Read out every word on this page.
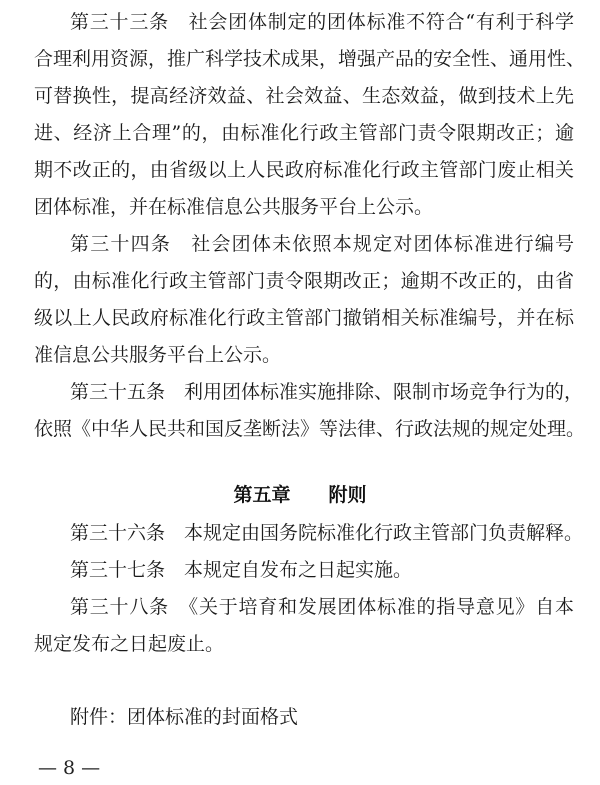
第三十三条　社会团体制定的团体标准不符合“有利于科学
合理利用资源，推广科学技术成果，增强产品的安全性、通用性、
可替换性，提高经济效益、社会效益、生态效益，做到技术上先
进、经济上合理”的，由标准化行政主管部门责令限期改正；逾
期不改正的，由省级以上人民政府标准化行政主管部门废止相关
团体标准，并在标准信息公共服务平台上公示。
第三十四条　社会团体未依照本规定对团体标准进行编号
的，由标准化行政主管部门责令限期改正；逾期不改正的，由省
级以上人民政府标准化行政主管部门撤销相关标准编号，并在标
准信息公共服务平台上公示。
第三十五条　利用团体标准实施排除、限制市场竞争行为的，
依照《中华人民共和国反垄断法》等法律、行政法规的规定处理。
第五章　　附则
第三十六条　本规定由国务院标准化行政主管部门负责解释。
第三十七条　本规定自发布之日起实施。
第三十八条　《关于培育和发展团体标准的指导意见》自本
规定发布之日起废止。
附件：团体标准的封面格式
— 8 —
